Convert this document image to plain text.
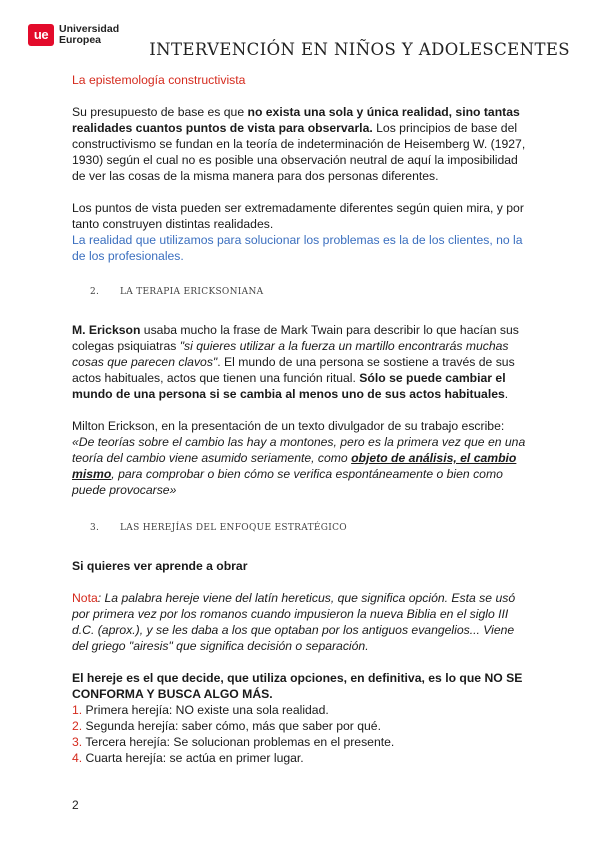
ue	Universidad
Europea	INTERVENCIÓN EN NIÑOS Y ADOLESCENTES

La epistemología constructivista

Su presupuesto de base es que no exista una sola y única realidad, sino tantas realidades cuantos puntos de vista para observarla. Los principios de base del constructivismo se fundan en la teoría de indeterminación de Heisemberg W. (1927, 1930) según el cual no es posible una observación neutral de aquí la imposibilidad de ver las cosas de la misma manera para dos personas diferentes.

Los puntos de vista pueden ser extremadamente diferentes según quien mira, y por tanto construyen distintas realidades.

La realidad que utilizamos para solucionar los problemas es la de los clientes, no la de los profesionales.

2. LA TERAPIA ERICKSONIANA

M. Erickson usaba mucho la frase de Mark Twain para describir lo que hacían sus colegas psiquiatras "si quieres utilizar a la fuerza un martillo encontrarás muchas cosas que parecen clavos". El mundo de una persona se sostiene a través de sus actos habituales, actos que tienen una función ritual. Sólo se puede cambiar el mundo de una persona si se cambia al menos uno de sus actos habituales.

Milton Erickson, en la presentación de un texto divulgador de su trabajo escribe: «De teorías sobre el cambio las hay a montones, pero es la primera vez que en una teoría del cambio viene asumido seriamente, como objeto de análisis, el cambio mismo, para comprobar o bien cómo se verifica espontáneamente o bien como puede provocarse»

3. LAS HEREJÍAS DEL ENFOQUE ESTRATÉGICO

Si quieres ver aprende a obrar

Nota: La palabra hereje viene del latín hereticus, que significa opción. Esta se usó por primera vez por los romanos cuando impusieron la nueva Biblia en el siglo III d.C. (aprox.), y se les daba a los que optaban por los antiguos evangelios... Viene del griego "airesis" que significa decisión o separación.

El hereje es el que decide, que utiliza opciones, en definitiva, es lo que NO SE CONFORMA Y BUSCA ALGO MÁS.

1. Primera herejía: NO existe una sola realidad.
2. Segunda herejía: saber cómo, más que saber por qué.
3. Tercera herejía: Se solucionan problemas en el presente.
4. Cuarta herejía: se actúa en primer lugar.
2
